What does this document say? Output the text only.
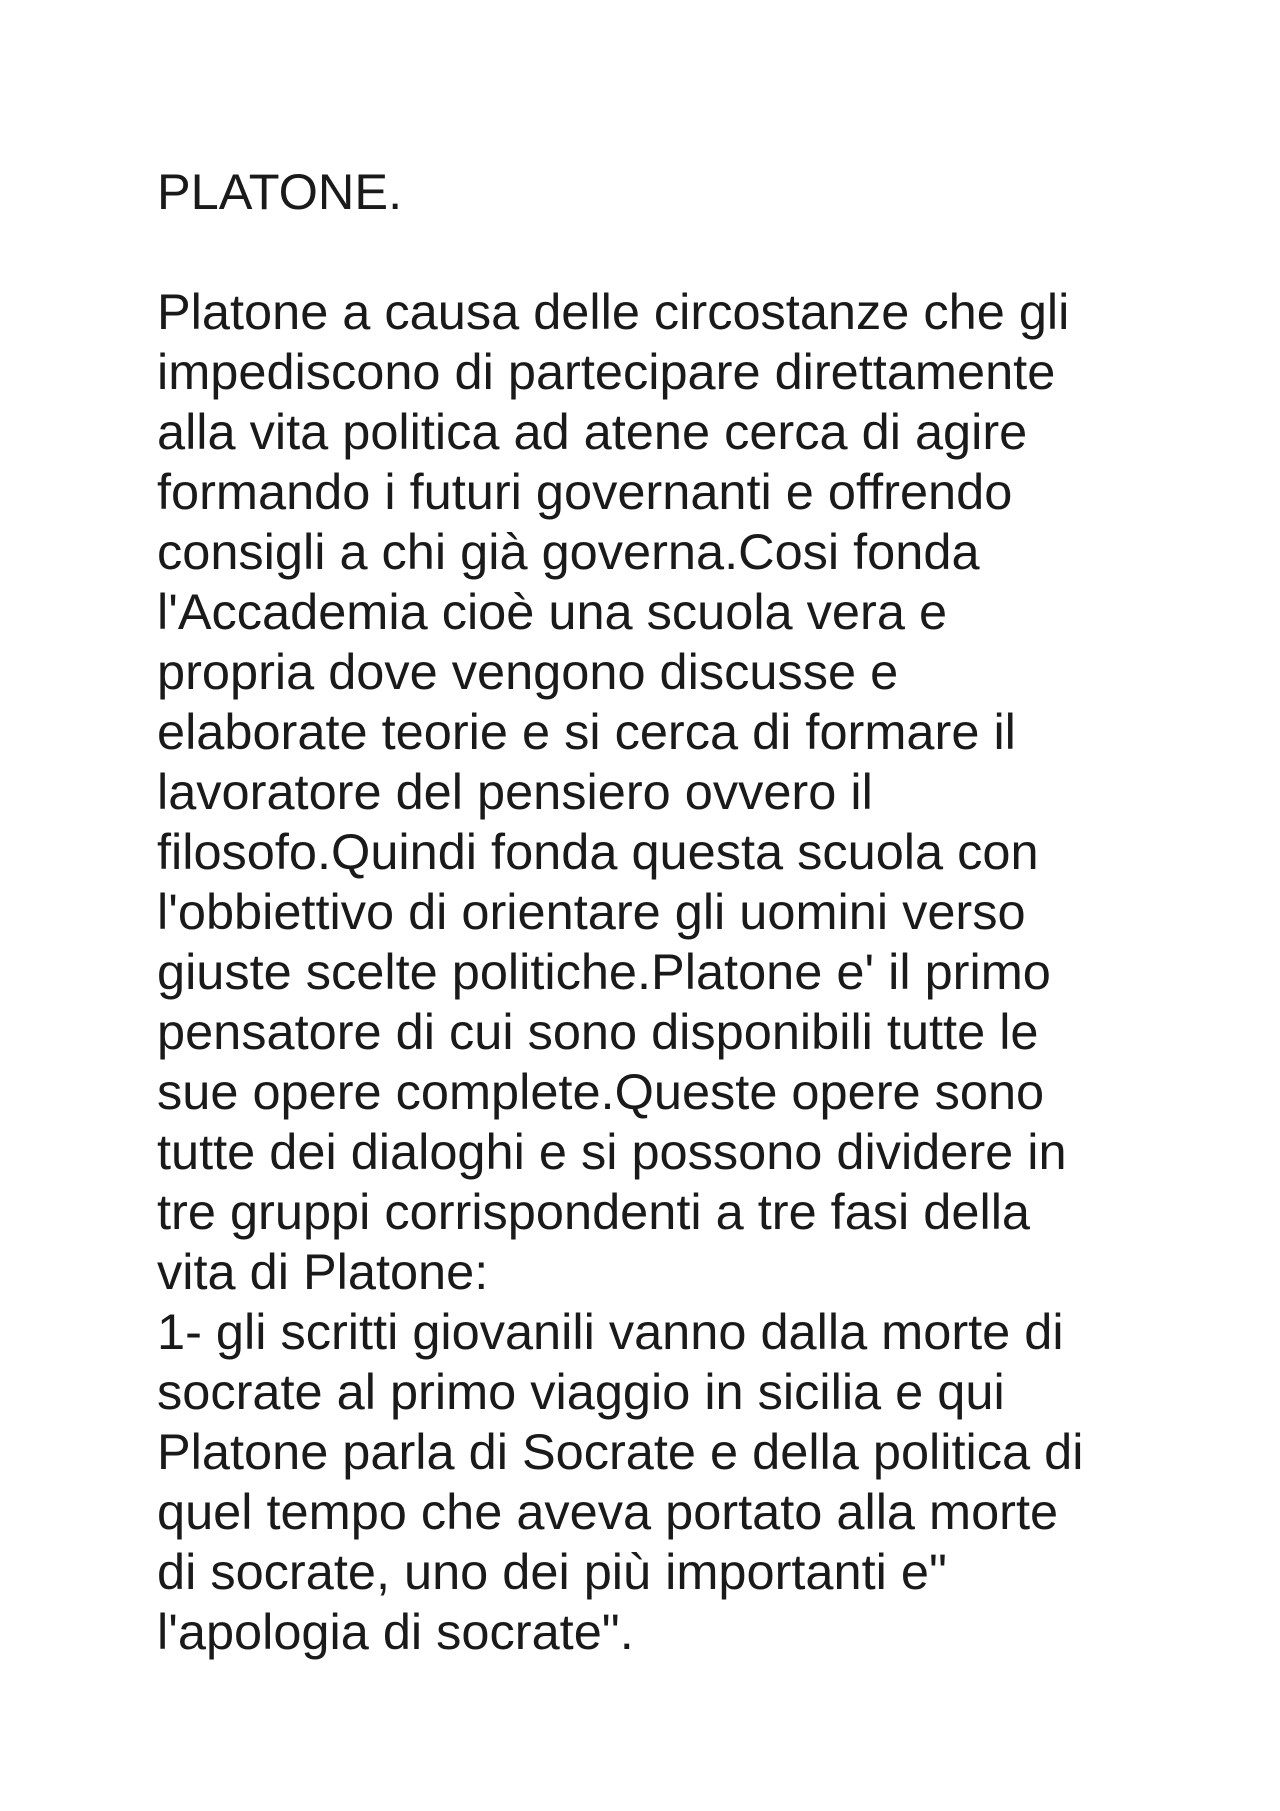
PLATONE.
Platone a causa delle circostanze che gli
impediscono di partecipare direttamente
alla vita politica ad atene cerca di agire
formando i futuri governanti e offrendo
consigli a chi già governa.Cosi fonda
l'Accademia cioè una scuola vera e
propria dove vengono discusse e
elaborate teorie e si cerca di formare il
lavoratore del pensiero ovvero il
filosofo.Quindi fonda questa scuola con
l'obbiettivo di orientare gli uomini verso
giuste scelte politiche.Platone e' il primo
pensatore di cui sono disponibili tutte le
sue opere complete.Queste opere sono
tutte dei dialoghi e si possono dividere in
tre gruppi corrispondenti a tre fasi della
vita di Platone:
1- gli scritti giovanili vanno dalla morte di
socrate al primo viaggio in sicilia e qui
Platone parla di Socrate e della politica di
quel tempo che aveva portato alla morte
di socrate, uno dei più importanti e"
l'apologia di socrate".
